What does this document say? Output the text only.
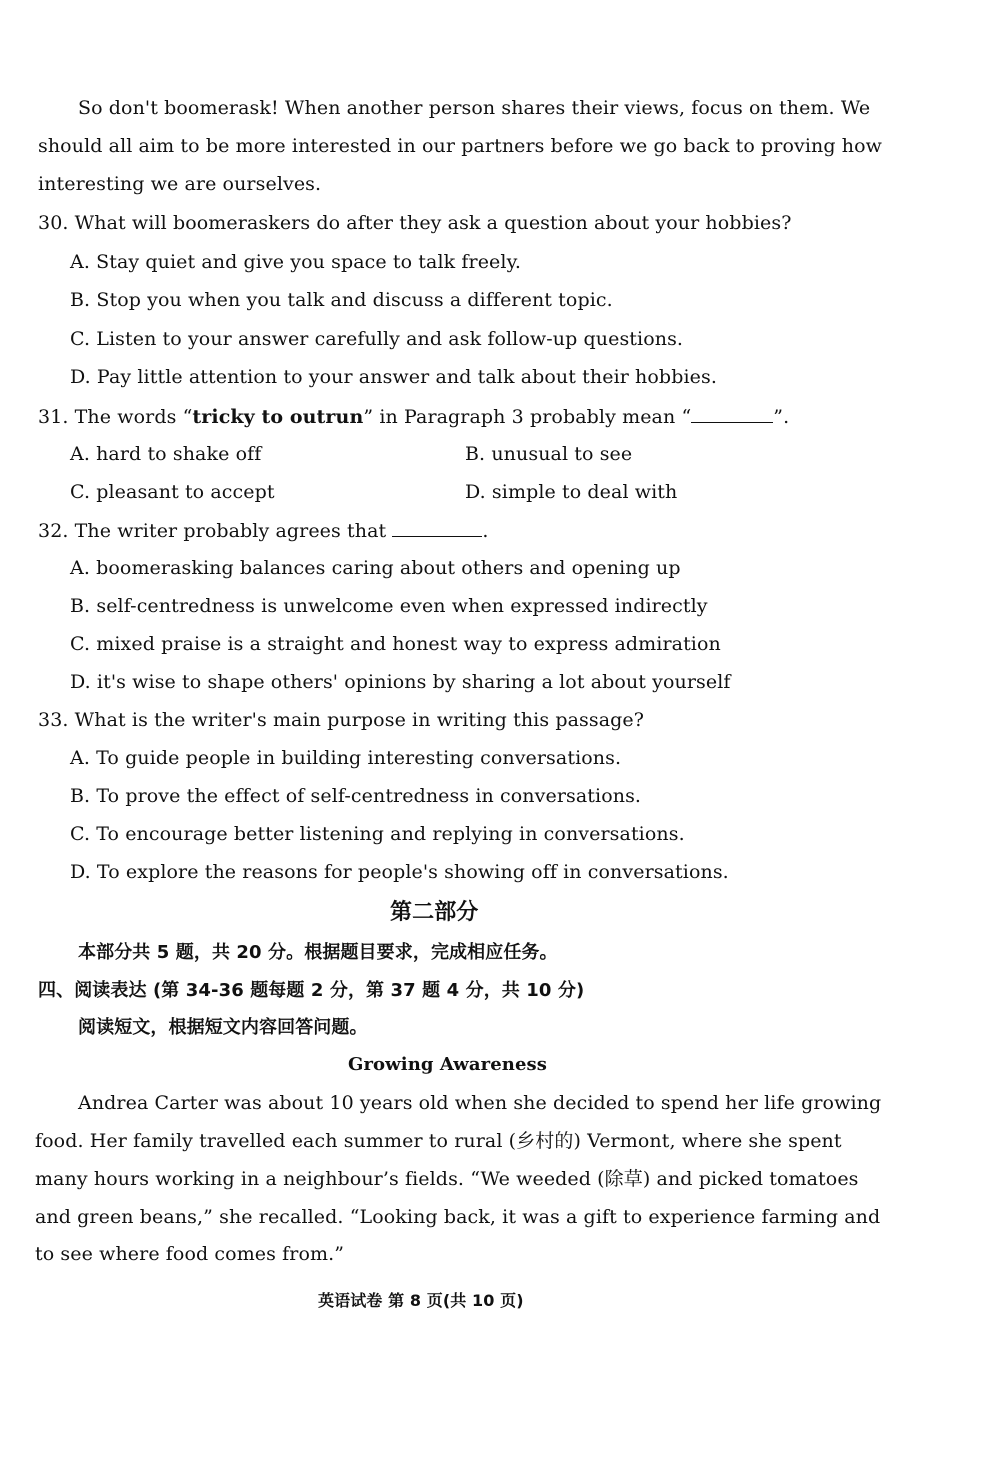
So don't boomerask! When another person shares their views, focus on them. We
should all aim to be more interested in our partners before we go back to proving how
interesting we are ourselves.
30. What will boomeraskers do after they ask a question about your hobbies?
A. Stay quiet and give you space to talk freely.
B. Stop you when you talk and discuss a different topic.
C. Listen to your answer carefully and ask follow-up questions.
D. Pay little attention to your answer and talk about their hobbies.
31. The words “tricky to outrun” in Paragraph 3 probably mean “	”.
A. hard to shake off	B. unusual to see
C. pleasant to accept	D. simple to deal with
32. The writer probably agrees that	.
A. boomerasking balances caring about others and opening up
B. self-centredness is unwelcome even when expressed indirectly
C. mixed praise is a straight and honest way to express admiration
D. it's wise to shape others' opinions by sharing a lot about yourself
33. What is the writer's main purpose in writing this passage?
A. To guide people in building interesting conversations.
B. To prove the effect of self-centredness in conversations.
C. To encourage better listening and replying in conversations.
D. To explore the reasons for people's showing off in conversations.
第二部分
本部分共 5 题，共 20 分。根据题目要求，完成相应任务。
四、阅读表达 (第 34-36 题每题 2 分，第 37 题 4 分，共 10 分)
阅读短文，根据短文内容回答问题。
Growing Awareness
Andrea Carter was about 10 years old when she decided to spend her life growing
food. Her family travelled each summer to rural (乡村的) Vermont, where she spent
many hours working in a neighbour’s fields. “We weeded (除草) and picked tomatoes
and green beans,” she recalled. “Looking back, it was a gift to experience farming and
to see where food comes from.”
英语试卷 第 8 页(共 10 页)
